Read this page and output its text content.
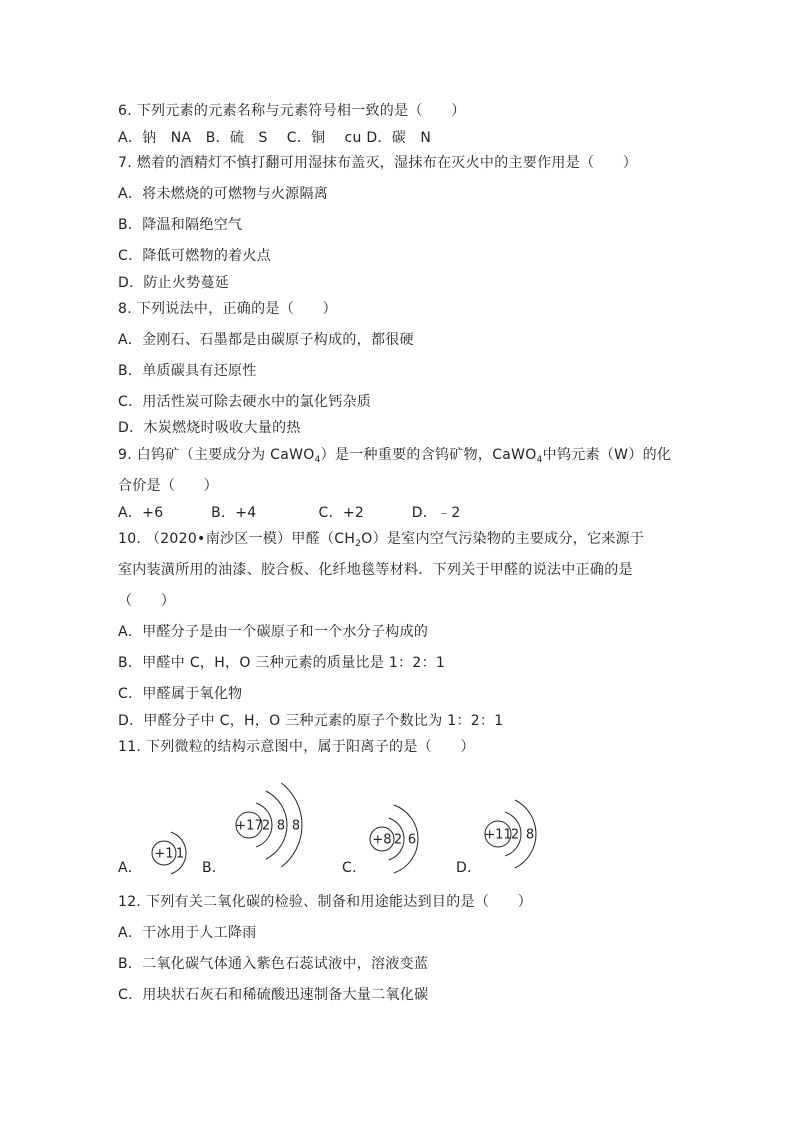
6. 下列元素的元素名称与元素符号相一致的是（　　）
A．钠　NA　B．硫　S　 C．铜　 cu D．碳　N
7. 燃着的酒精灯不慎打翻可用湿抹布盖灭，湿抹布在灭火中的主要作用是（　　）
A．将未燃烧的可燃物与火源隔离
B．降温和隔绝空气
C．降低可燃物的着火点
D．防止火势蔓延
8. 下列说法中，正确的是（　　）
A．金刚石、石墨都是由碳原子构成的，都很硬
B．单质碳具有还原性
C．用活性炭可除去硬水中的氯化钙杂质
D．木炭燃烧时吸收大量的热
9. 白钨矿（主要成分为 CaWO$_4$）是一种重要的含钨矿物，CaWO$_4$中钨元素（W）的化
合价是（　　）
A．+6　　　 B．+4　　　　 C．+2　　　 D．﹣2
10. （2020•南沙区一模）甲醛$(CH_2O)$是室内空气污染物的主要成分，它来源于
室内装潢所用的油漆、胶合板、化纤地毯等材料．下列关于甲醛的说法中正确的是
（　　）
A．甲醛分子是由一个碳原子和一个水分子构成的
B．甲醛中 C，H，O 三种元素的质量比是 1：2：1
C．甲醛属于氧化物
D．甲醛分子中 C，H，O 三种元素的原子个数比为 1：2：1
11. 下列微粒的结构示意图中，属于阳离子的是（　　）
A．	B．	C．	D．
+1 1
+17 2 8 8
+8 2 6	+11 2 8
12. 下列有关二氧化碳的检验、制备和用途能达到目的是（　　）
A．干冰用于人工降雨
B．二氧化碳气体通入紫色石蕊试液中，溶液变蓝
C．用块状石灰石和稀硫酸迅速制备大量二氧化碳
